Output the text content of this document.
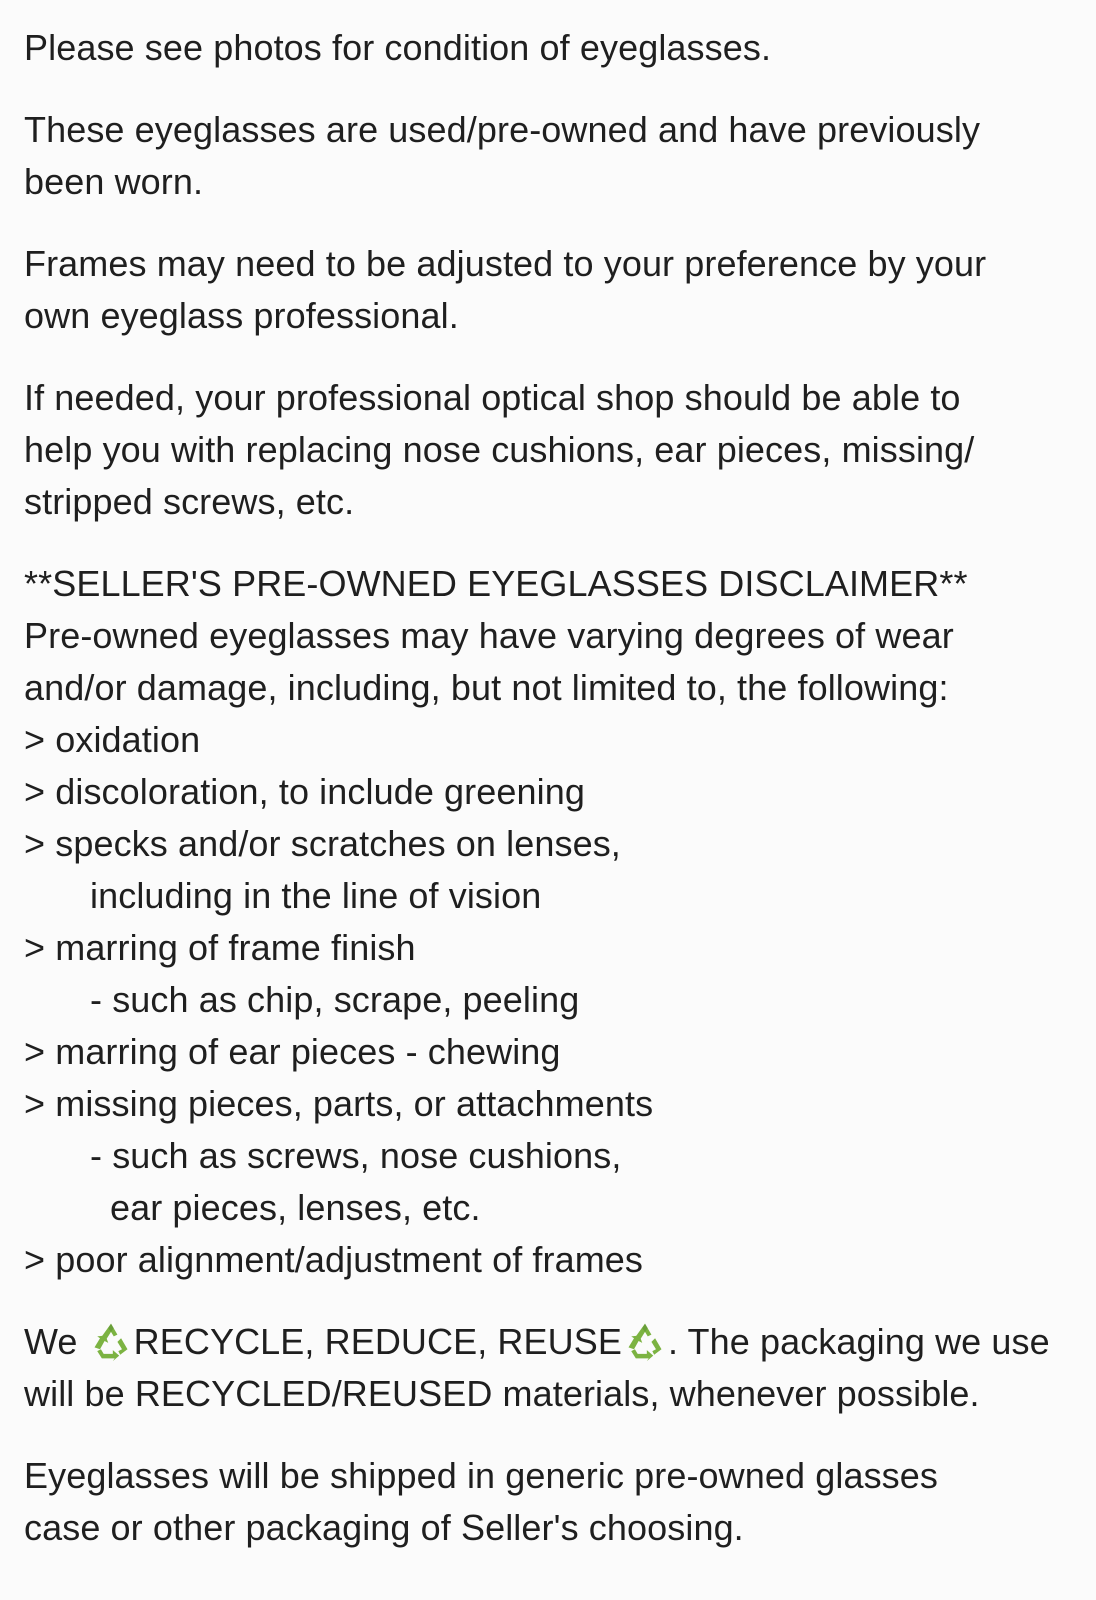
Please see photos for condition of eyeglasses.

These eyeglasses are used/pre-owned and have previously
been worn.

Frames may need to be adjusted to your preference by your
own eyeglass professional.

If needed, your professional optical shop should be able to
help you with replacing nose cushions, ear pieces, missing/
stripped screws, etc.

**SELLER'S PRE-OWNED EYEGLASSES DISCLAIMER**
Pre-owned eyeglasses may have varying degrees of wear
and/or damage, including, but not limited to, the following:
> oxidation
> discoloration, to include greening
> specks and/or scratches on lenses,
including in the line of vision
> marring of frame finish
- such as chip, scrape, peeling
> marring of ear pieces - chewing
> missing pieces, parts, or attachments
- such as screws, nose cushions,
ear pieces, lenses, etc.
> poor alignment/adjustment of frames

We RECYCLE, REDUCE, REUSE . The packaging we use
will be RECYCLED/REUSED materials, whenever possible.

Eyeglasses will be shipped in generic pre-owned glasses
case or other packaging of Seller's choosing.
